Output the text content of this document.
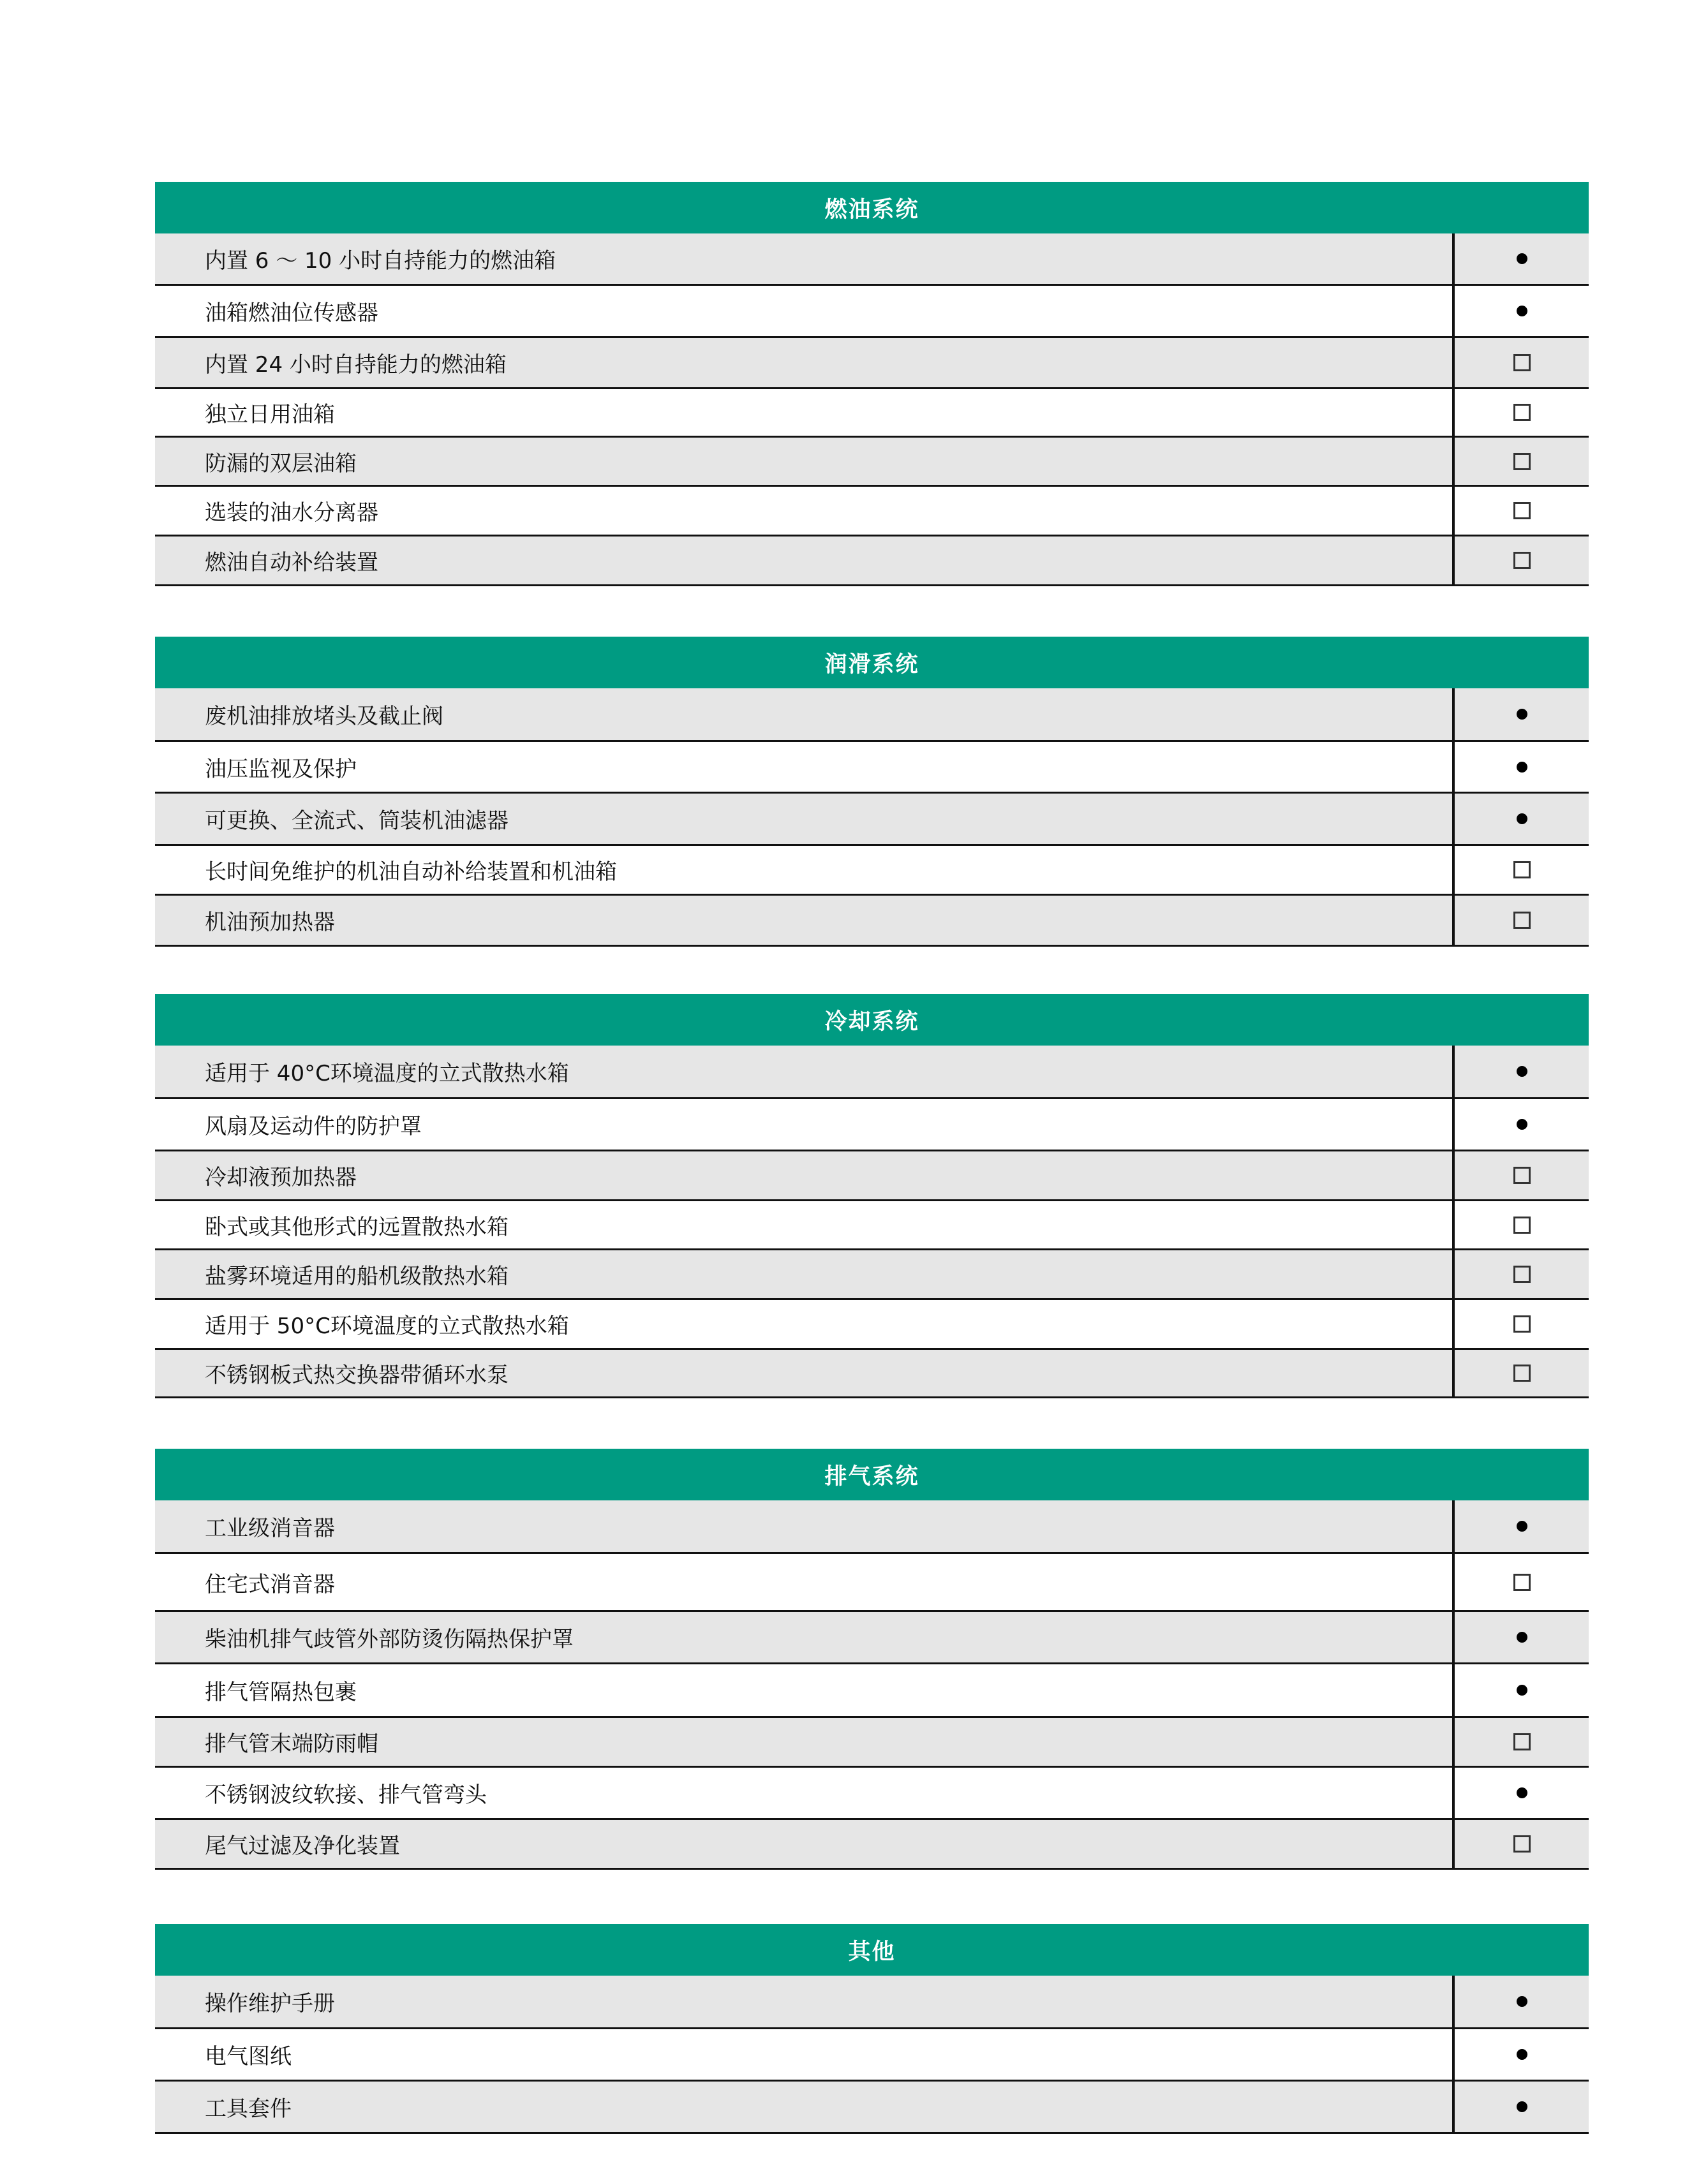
燃油系统
内置 6 ～ 10 小时自持能力的燃油箱
油箱燃油位传感器
内置 24 小时自持能力的燃油箱
独立日用油箱
防漏的双层油箱
选装的油水分离器
燃油自动补给装置
润滑系统
废机油排放堵头及截止阀
油压监视及保护
可更换、全流式、筒装机油滤器
长时间免维护的机油自动补给装置和机油箱
机油预加热器
冷却系统
适用于 40°C环境温度的立式散热水箱
风扇及运动件的防护罩
冷却液预加热器
卧式或其他形式的远置散热水箱
盐雾环境适用的船机级散热水箱
适用于 50°C环境温度的立式散热水箱
不锈钢板式热交换器带循环水泵
排气系统
工业级消音器
住宅式消音器
柴油机排气歧管外部防烫伤隔热保护罩
排气管隔热包裹
排气管末端防雨帽
不锈钢波纹软接、排气管弯头
尾气过滤及净化装置
其他
操作维护手册
电气图纸
工具套件
